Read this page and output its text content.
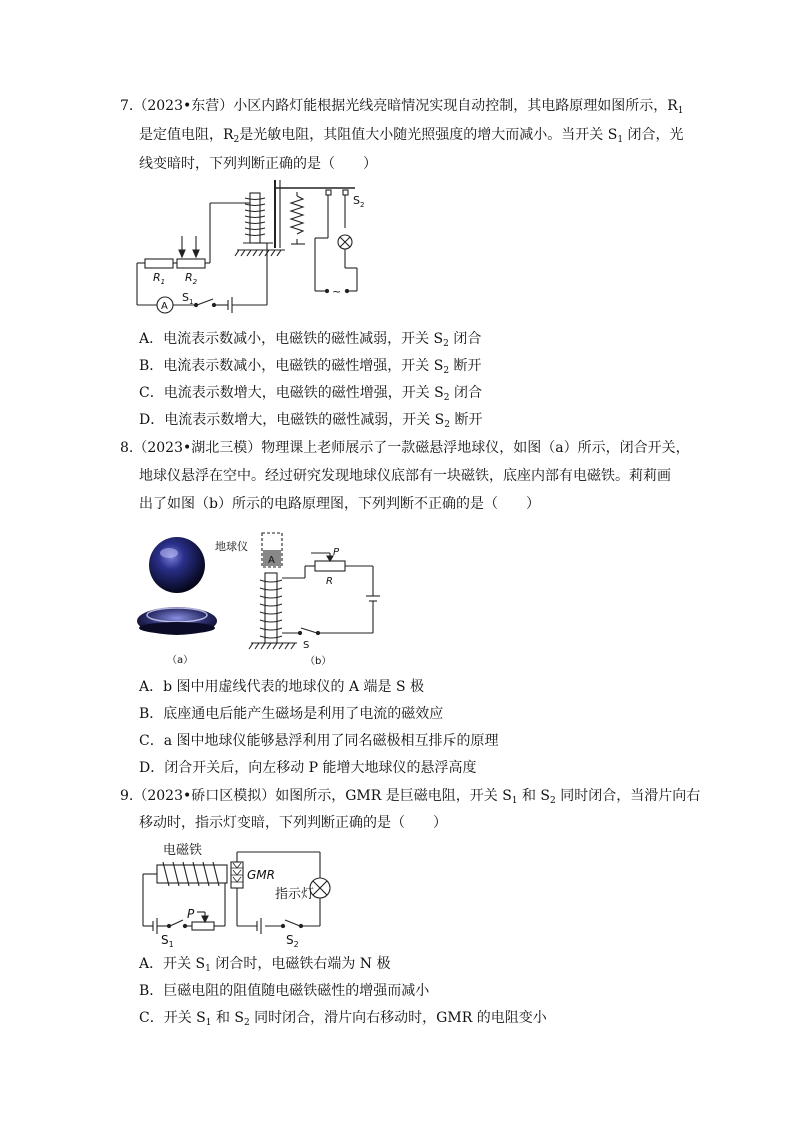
7.（2023•东营）小区内路灯能根据光线亮暗情况实现自动控制，其电路原理如图所示，$R_1$
是定值电阻，$R_2$是光敏电阻，其阻值大小随光照强度的增大而减小。当开关 $S_1$ 闭合，光
线变暗时，下列判断正确的是（　　）
$R_1$ $R_2$
A
$S_1$
$S_2$
~
A．电流表示数减小，电磁铁的磁性减弱，开关 $S_2$ 闭合
B．电流表示数减小，电磁铁的磁性增强，开关 $S_2$ 断开
C．电流表示数增大，电磁铁的磁性增强，开关 $S_2$ 闭合
D．电流表示数增大，电磁铁的磁性减弱，开关 $S_2$ 断开
8.（2023•湖北三模）物理课上老师展示了一款磁悬浮地球仪，如图（a）所示，闭合开关，
地球仪悬浮在空中。经过研究发现地球仪底部有一块磁铁，底座内部有电磁铁。莉莉画
出了如图（b）所示的电路原理图，下列判断不正确的是（　　）
（a）
地球仪
A
P
R
S
（b）
A．b 图中用虚线代表的地球仪的 A 端是 S 极
B．底座通电后能产生磁场是利用了电流的磁效应
C．a 图中地球仪能够悬浮利用了同名磁极相互排斥的原理
D．闭合开关后，向左移动 P 能增大地球仪的悬浮高度
9.（2023•硚口区模拟）如图所示，GMR 是巨磁电阻，开关 $S_1$ 和 $S_2$ 同时闭合，当滑片向右
移动时，指示灯变暗，下列判断正确的是（　　）
电磁铁
GMR
指示灯
P
$S_1$	$S_2$
A．开关 $S_1$ 闭合时，电磁铁右端为 N 极
B．巨磁电阻的阻值随电磁铁磁性的增强而减小
C．开关 $S_1$ 和 $S_2$ 同时闭合，滑片向右移动时，GMR 的电阻变小
